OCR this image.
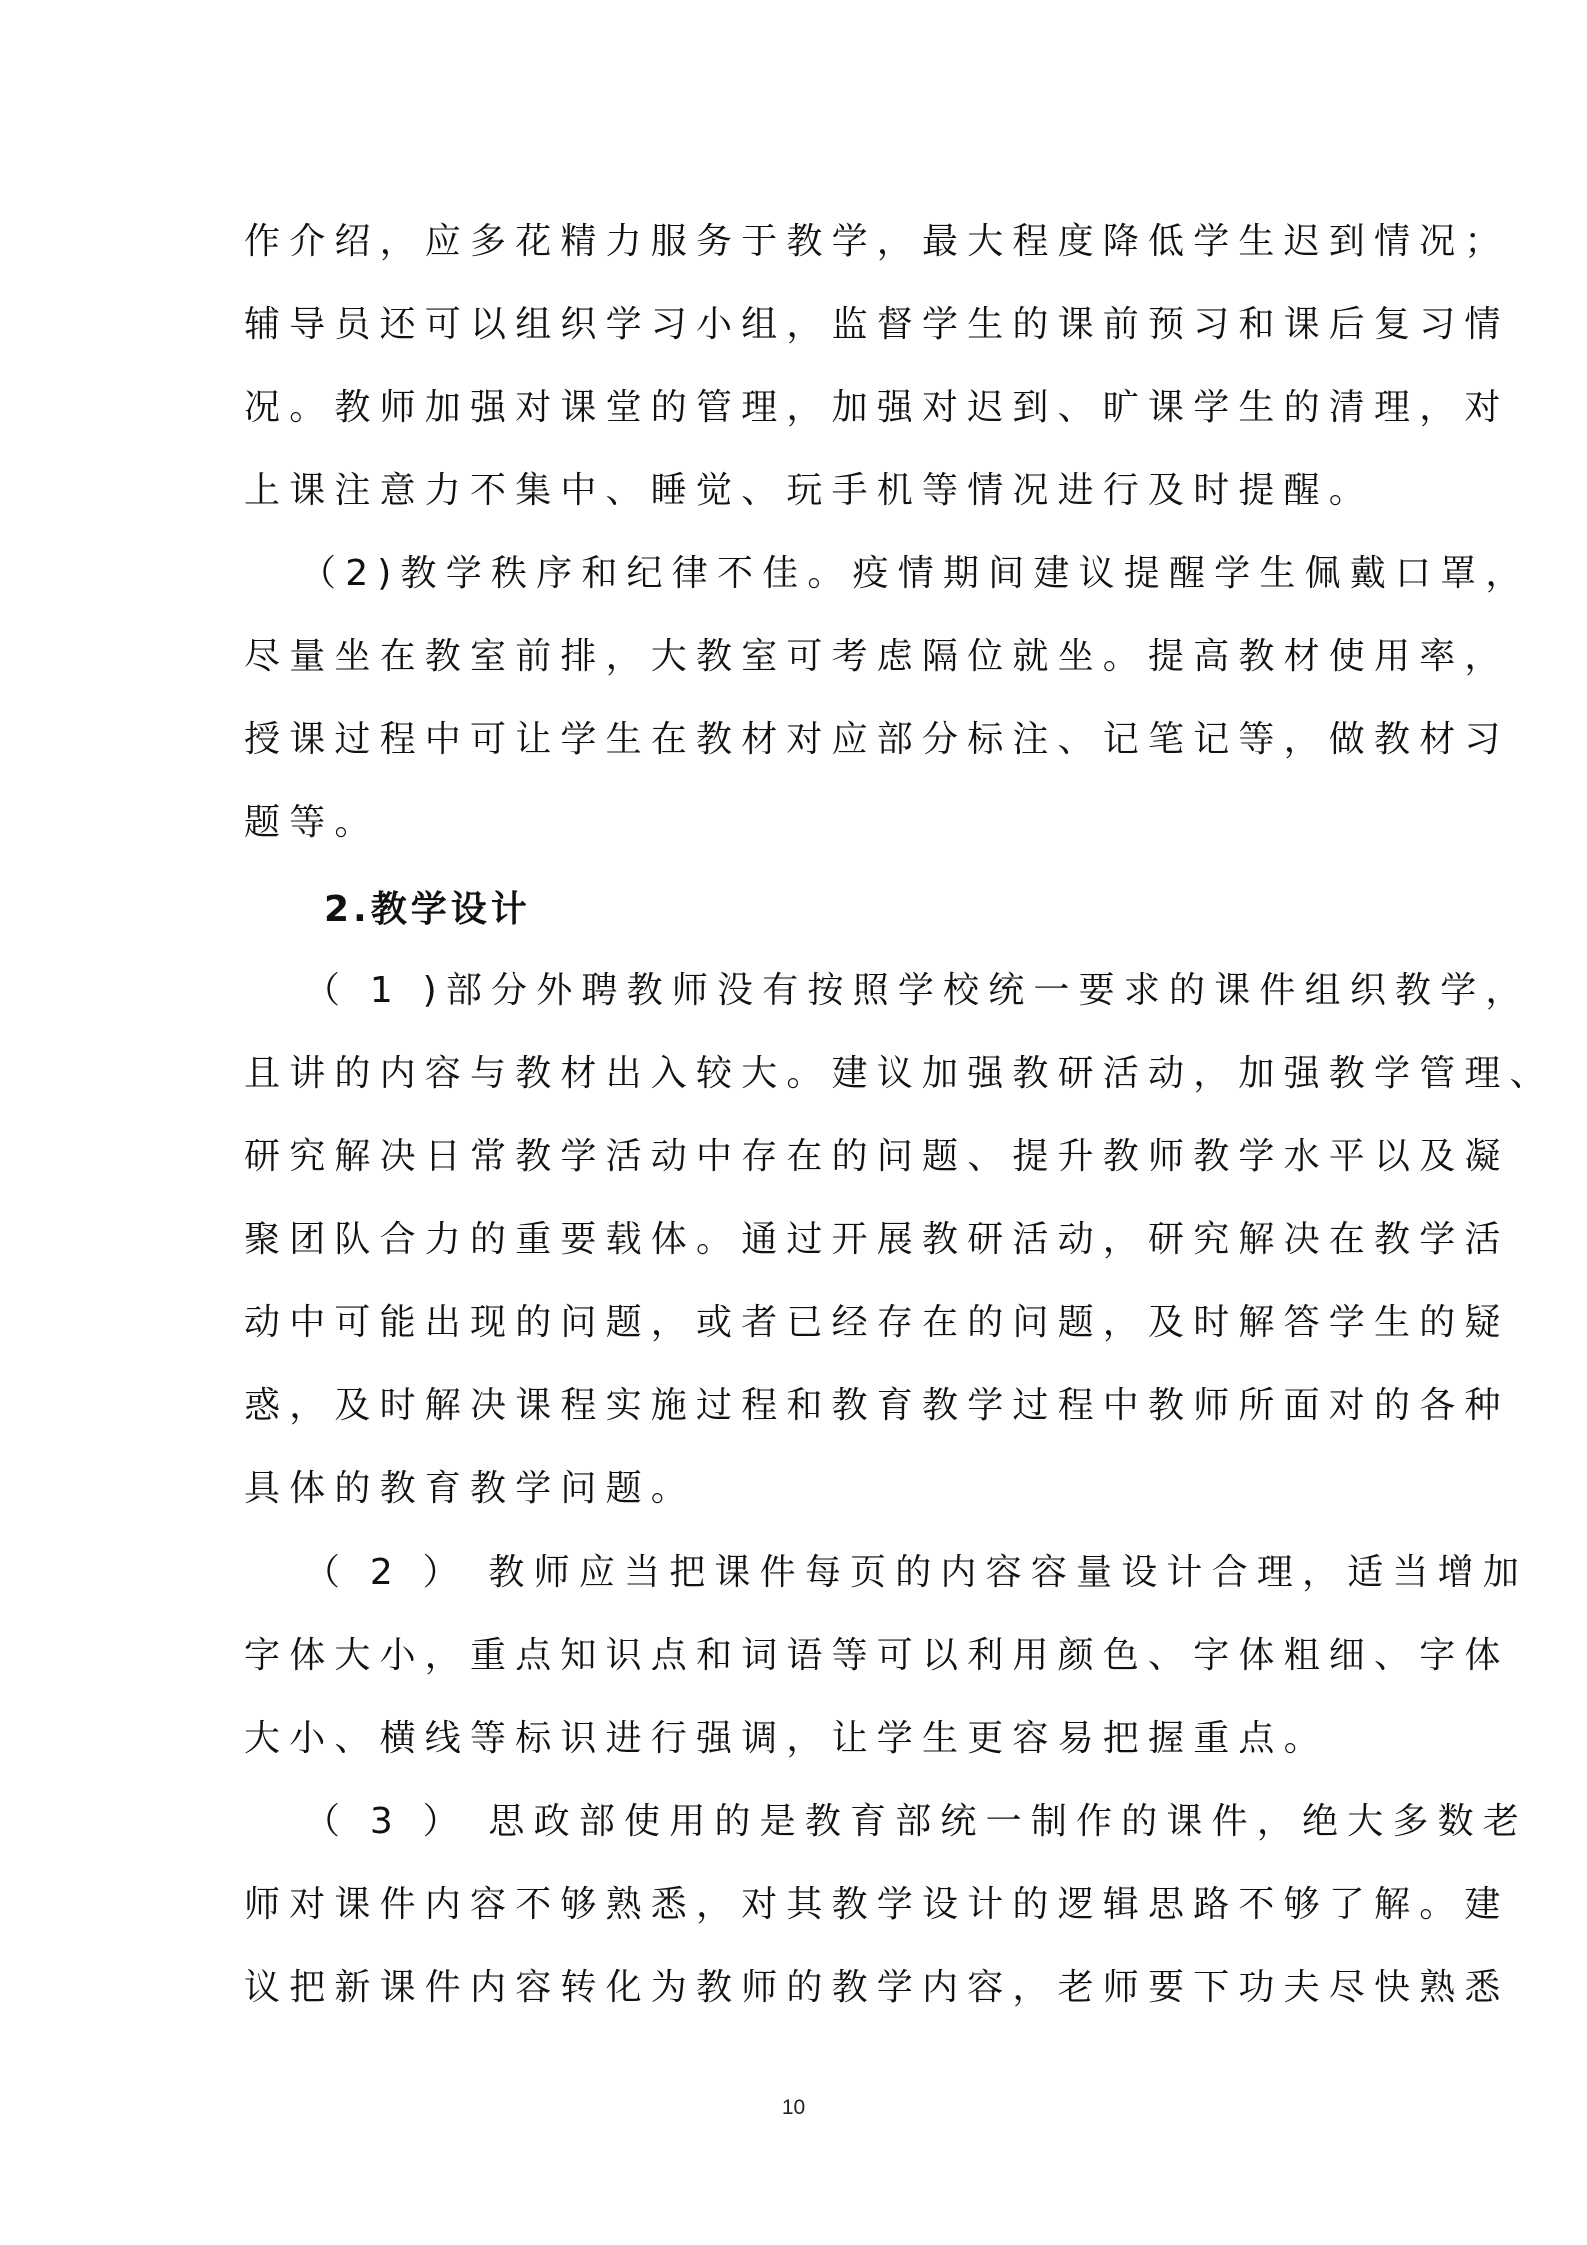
作介绍，应多花精力服务于教学，最大程度降低学生迟到情况；
辅导员还可以组织学习小组，监督学生的课前预习和课后复习情
况。教师加强对课堂的管理，加强对迟到、旷课学生的清理，对
上课注意力不集中、睡觉、玩手机等情况进行及时提醒。
（2)教学秩序和纪律不佳。疫情期间建议提醒学生佩戴口罩，
尽量坐在教室前排，大教室可考虑隔位就坐。提高教材使用率，
授课过程中可让学生在教材对应部分标注、记笔记等，做教材习
题等。
2.教学设计
（ 1 )部分外聘教师没有按照学校统一要求的课件组织教学，
且讲的内容与教材出入较大。建议加强教研活动，加强教学管理、
研究解决日常教学活动中存在的问题、提升教师教学水平以及凝
聚团队合力的重要载体。通过开展教研活动，研究解决在教学活
动中可能出现的问题，或者已经存在的问题，及时解答学生的疑
惑，及时解决课程实施过程和教育教学过程中教师所面对的各种
具体的教育教学问题。
（ 2 ） 教师应当把课件每页的内容容量设计合理，适当增加
字体大小，重点知识点和词语等可以利用颜色、字体粗细、字体
大小、横线等标识进行强调，让学生更容易把握重点。
（ 3 ） 思政部使用的是教育部统一制作的课件，绝大多数老
师对课件内容不够熟悉，对其教学设计的逻辑思路不够了解。建
议把新课件内容转化为教师的教学内容，老师要下功夫尽快熟悉
10
